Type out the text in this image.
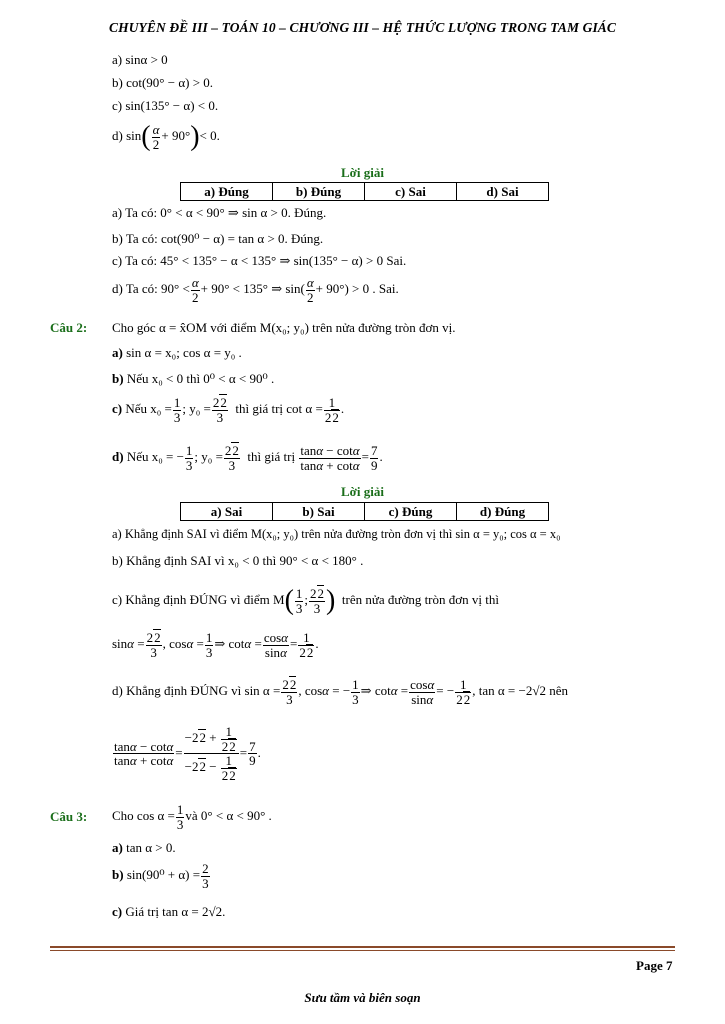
CHUYÊN ĐỀ III – TOÁN 10 – CHƯƠNG III – HỆ THỨC LƯỢNG TRONG TAM GIÁC
a) sinα > 0
b) cot(90° − α) > 0.
c) sin(135° − α) < 0.
d) $\sin( \frac{\alpha}{2} + 90^\circ)< 0$.
Lời giải
a) Đúng	b) Đúng	c) Sai	d) Sai
a) Ta có: 0° < α < 90° ⇒ sin α > 0. Đúng.
b) Ta có: cot(90⁰ − α) = tan α > 0. Đúng.
c) Ta có: 45° < 135° − α < 135° ⇒ sin(135° − α) > 0 Sai.
d) Ta có: $90^\circ < \frac{\alpha}{2} + 90^\circ < 135^\circ$ ⇒ $\sin( \frac{\alpha}{2} + 90^\circ) > 0$ . Sai.
Câu 2: Cho góc α = x̂OM với điểm M(x₀; y₀) trên nửa đường tròn đơn vị.
a) sin α = x₀; cos α = y₀ .
b) Nếu x₀ < 0 thì 0⁰ < α < 90⁰ .
c) Nếu $x_0 = \frac{1}{3}$ ; $y_0 = \frac{22}{3}$ thì giá trị $\cot \alpha = \frac{1}{22}$ .
d) Nếu x₀ = − $\frac{1}{3}$ ; $y_0 = \frac{22}{3}$ thì giá trị $\frac{\tan\alpha - \cot\alpha}{\tan\alpha + \cot\alpha} = \frac{7}{9}$ .
Lời giải
a) Sai	b) Sai	c) Đúng	d) Đúng
a) Khẳng định SAI vì điểm M(x₀; y₀) trên nửa đường tròn đơn vị thì sin α = y₀; cos α = x₀
b) Khẳng định SAI vì x₀ < 0 thì 90° < α < 180° .
c) Khẳng định ĐÚNG vì điểm $M( \frac{1}{3}$ ; $\frac{22}{3}$ ) trên nửa đường tròn đơn vị thì
$\sin\alpha = \frac{22}{3}$ , $\cos\alpha = \frac{1}{3}$ ⇒ $\cot\alpha = \frac{\cos\alpha}{\sin\alpha} = \frac{1}{22}$ .
d) Khẳng định ĐÚNG vì $\sin \alpha = \frac{22}{3}$ , cosα = − $\frac{1}{3}$ ⇒ $\cot\alpha = \frac{\cos\alpha}{\sin\alpha}$ = − $\frac{1}{22}$ , tan α = −2√2 nên
$\frac{\tan\alpha - \cot\alpha}{\tan\alpha + \cot\alpha} = \frac{-22 + \frac{1}{22}}{-22 - \frac{1}{22}} = \frac{7}{9}$ .
Câu 3: Cho $\cos \alpha = \frac{1}{3}$ và 0° < α < 90° .
a) tan α > 0.
b) $\sin(90^0 + \alpha) = \frac{2}{3}$
c) Giá trị tan α = 2√2.
Page 7
Sưu tầm và biên soạn
